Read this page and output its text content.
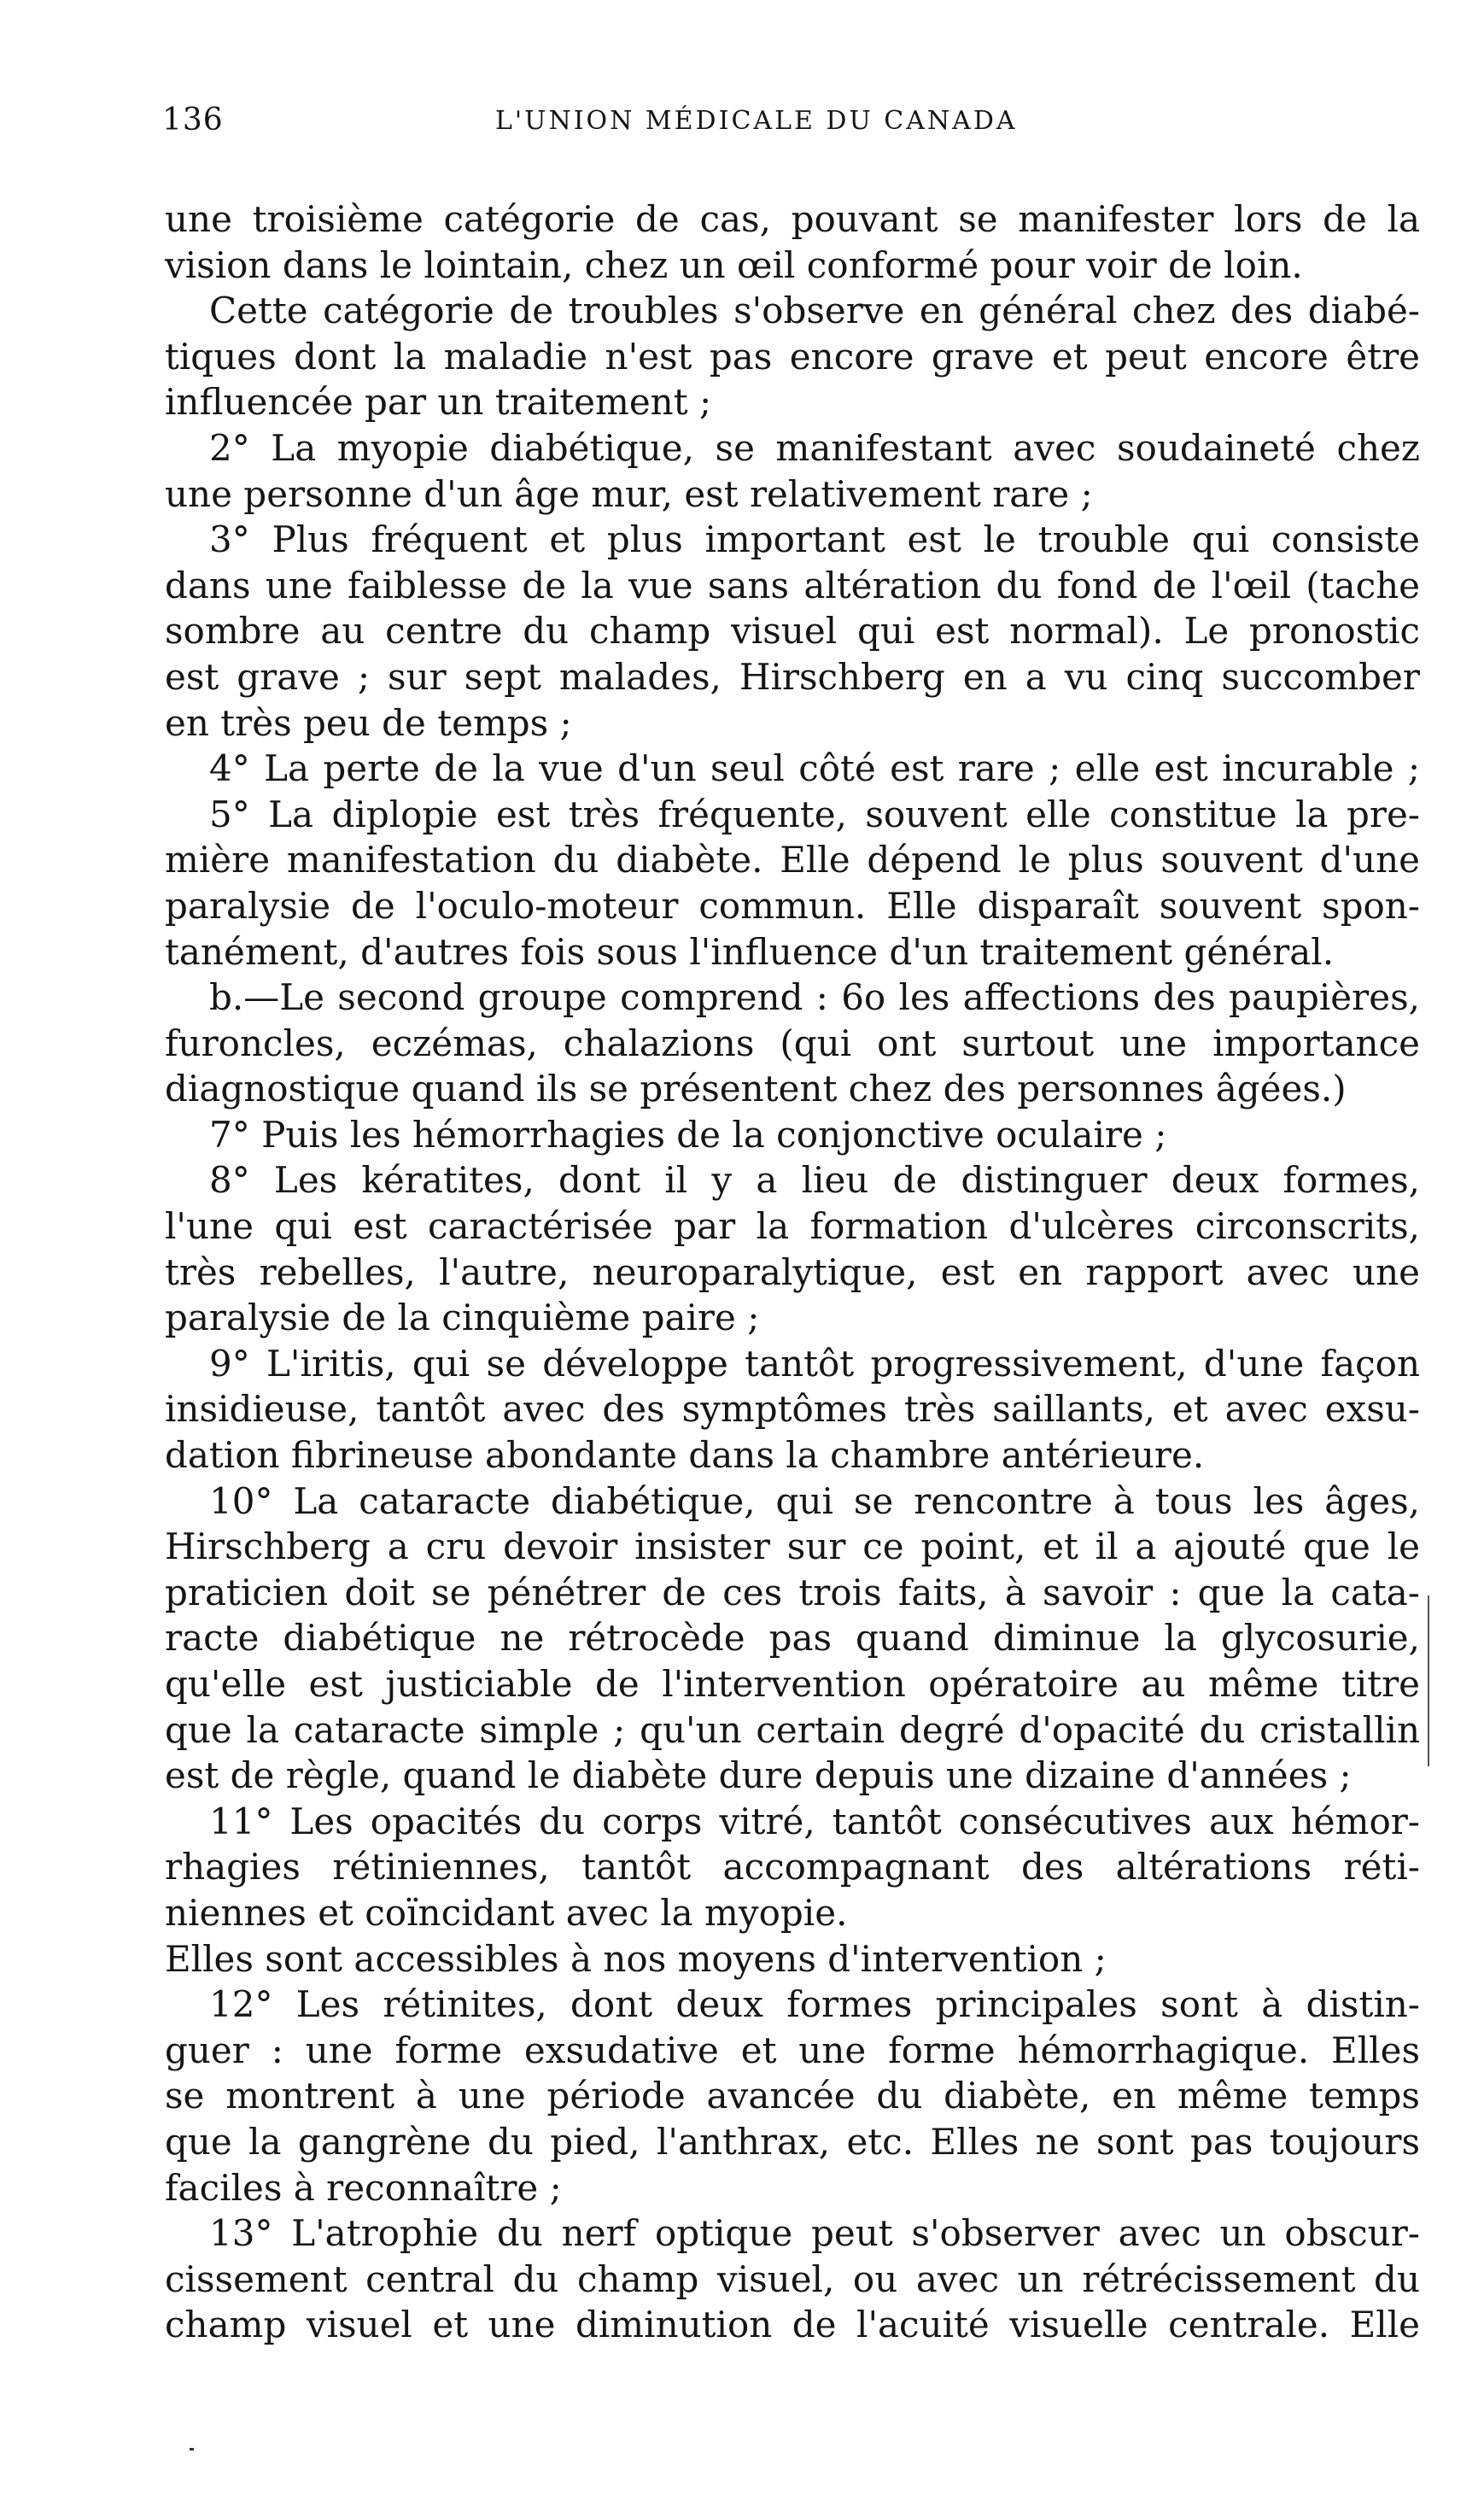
136	L'UNION MÉDICALE DU CANADA
une troisième catégorie de cas, pouvant se manifester lors de la
vision dans le lointain, chez un œil conformé pour voir de loin.
Cette catégorie de troubles s'observe en général chez des diabé-
tiques dont la maladie n'est pas encore grave et peut encore être
influencée par un traitement ;
2° La myopie diabétique, se manifestant avec soudaineté chez
une personne d'un âge mur, est relativement rare ;
3° Plus fréquent et plus important est le trouble qui consiste
dans une faiblesse de la vue sans altération du fond de l'œil (tache
sombre au centre du champ visuel qui est normal). Le pronostic
est grave ; sur sept malades, Hirschberg en a vu cinq succomber
en très peu de temps ;
4° La perte de la vue d'un seul côté est rare ; elle est incurable ;
5° La diplopie est très fréquente, souvent elle constitue la pre-
mière manifestation du diabète. Elle dépend le plus souvent d'une
paralysie de l'oculo-moteur commun. Elle disparaît souvent spon-
tanément, d'autres fois sous l'influence d'un traitement général.
b.—Le second groupe comprend : 6o les affections des paupières,
furoncles, eczémas, chalazions (qui ont surtout une importance
diagnostique quand ils se présentent chez des personnes âgées.)
7° Puis les hémorrhagies de la conjonctive oculaire ;
8° Les kératites, dont il y a lieu de distinguer deux formes,
l'une qui est caractérisée par la formation d'ulcères circonscrits,
très rebelles, l'autre, neuroparalytique, est en rapport avec une
paralysie de la cinquième paire ;
9° L'iritis, qui se développe tantôt progressivement, d'une façon
insidieuse, tantôt avec des symptômes très saillants, et avec exsu-
dation fibrineuse abondante dans la chambre antérieure.
10° La cataracte diabétique, qui se rencontre à tous les âges,
Hirschberg a cru devoir insister sur ce point, et il a ajouté que le
praticien doit se pénétrer de ces trois faits, à savoir : que la cata-
racte diabétique ne rétrocède pas quand diminue la glycosurie,
qu'elle est justiciable de l'intervention opératoire au même titre
que la cataracte simple ; qu'un certain degré d'opacité du cristallin
est de règle, quand le diabète dure depuis une dizaine d'années ;
11° Les opacités du corps vitré, tantôt consécutives aux hémor-
rhagies rétiniennes, tantôt accompagnant des altérations réti-
niennes et coïncidant avec la myopie.
Elles sont accessibles à nos moyens d'intervention ;
12° Les rétinites, dont deux formes principales sont à distin-
guer : une forme exsudative et une forme hémorrhagique. Elles
se montrent à une période avancée du diabète, en même temps
que la gangrène du pied, l'anthrax, etc. Elles ne sont pas toujours
faciles à reconnaître ;
13° L'atrophie du nerf optique peut s'observer avec un obscur-
cissement central du champ visuel, ou avec un rétrécissement du
champ visuel et une diminution de l'acuité visuelle centrale. Elle
